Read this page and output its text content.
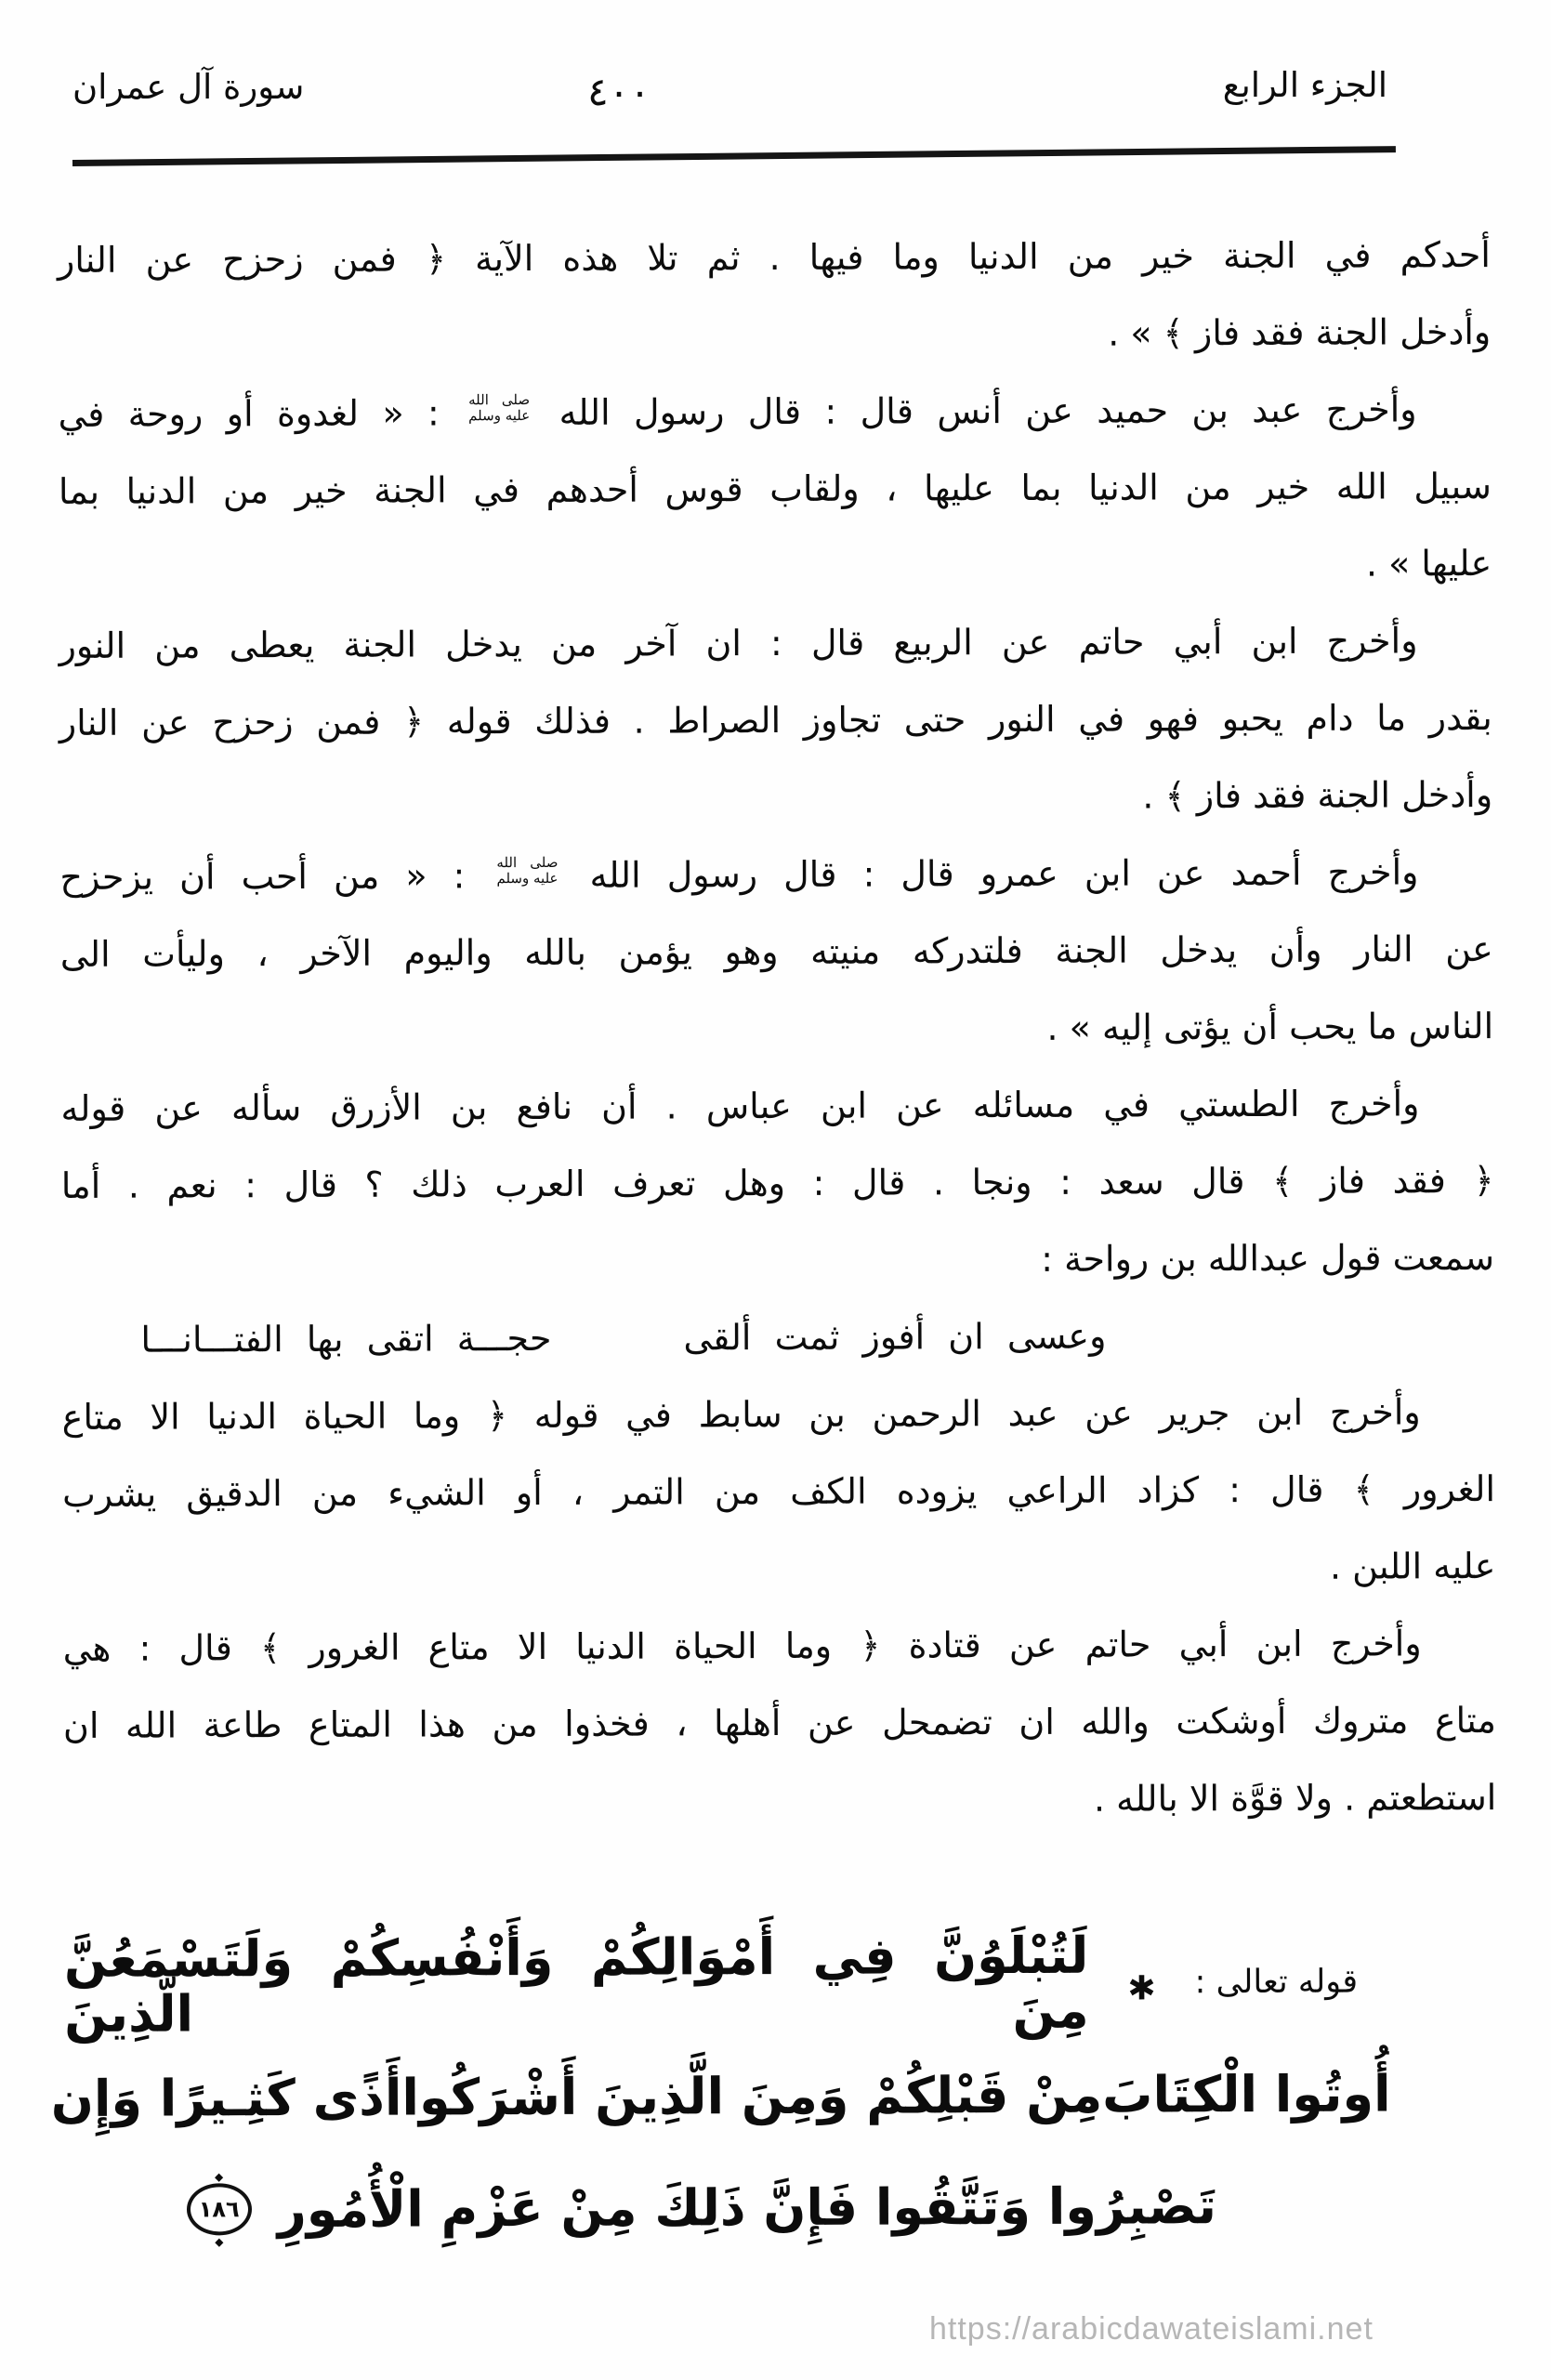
الجزء الرابع
٤٠٠
سورة آل عمران
أحدكم في الجنة خير من الدنيا وما فيها . ثم تلا هذه الآية ﴿ فمن زحزح عن النار
وأدخل الجنة فقد فاز ﴾ » .
وأخرج عبد بن حميد عن أنس قال : قال رسول الله
صلى الله
عليه وسلم
: « لغدوة أو روحة في
سبيل الله خير من الدنيا بما عليها ، ولقاب قوس أحدهم في الجنة خير من الدنيا بما
عليها » .
وأخرج ابن أبي حاتم عن الربيع قال : ان آخر من يدخل الجنة يعطى من النور
بقدر ما دام يحبو فهو في النور حتى تجاوز الصراط . فذلك قوله ﴿ فمن زحزح عن النار
وأدخل الجنة فقد فاز ﴾ .
وأخرج أحمد عن ابن عمرو قال : قال رسول الله
صلى الله
عليه وسلم
: « من أحب أن يزحزح
عن النار وأن يدخل الجنة فلتدركه منيته وهو يؤمن بالله واليوم الآخر ، وليأت الى
الناس ما يحب أن يؤتى إليه » .
وأخرج الطستي في مسائله عن ابن عباس . أن نافع بن الأزرق سأله عن قوله
﴿ فقد فاز ﴾ قال سعد : ونجا . قال : وهل تعرف العرب ذلك ؟ قال : نعم . أما
سمعت قول عبدالله بن رواحة :
وعسى ان أفوز ثمت ألقى
حجـــة اتقى بها الفتـــانـــا
وأخرج ابن جرير عن عبد الرحمن بن سابط في قوله ﴿ وما الحياة الدنيا الا متاع
الغرور ﴾ قال : كزاد الراعي يزوده الكف من التمر ، أو الشيء من الدقيق يشرب
عليه اللبن .
وأخرج ابن أبي حاتم عن قتادة ﴿ وما الحياة الدنيا الا متاع الغرور ﴾ قال : هي
متاع متروك أوشكت والله ان تضمحل عن أهلها ، فخذوا من هذا المتاع طاعة الله ان
استطعتم . ولا قوَّة الا بالله .
قوله تعالى :
✱
لَتُبْلَوُنَّ فِي أَمْوَالِكُمْ وَأَنْفُسِكُمْ وَلَتَسْمَعُنَّ مِنَ الَّذِينَ
أُوتُوا الْكِتَابَ
مِنْ قَبْلِكُمْ وَمِنَ الَّذِينَ أَشْرَكُوا
أَذًى كَثِـيرًا وَإِن
تَصْبِرُوا وَتَتَّقُوا فَإِنَّ ذَلِكَ مِنْ عَزْمِ الْأُمُورِ
◆ ١٨٦
◆
https://arabicdawateislami.net
